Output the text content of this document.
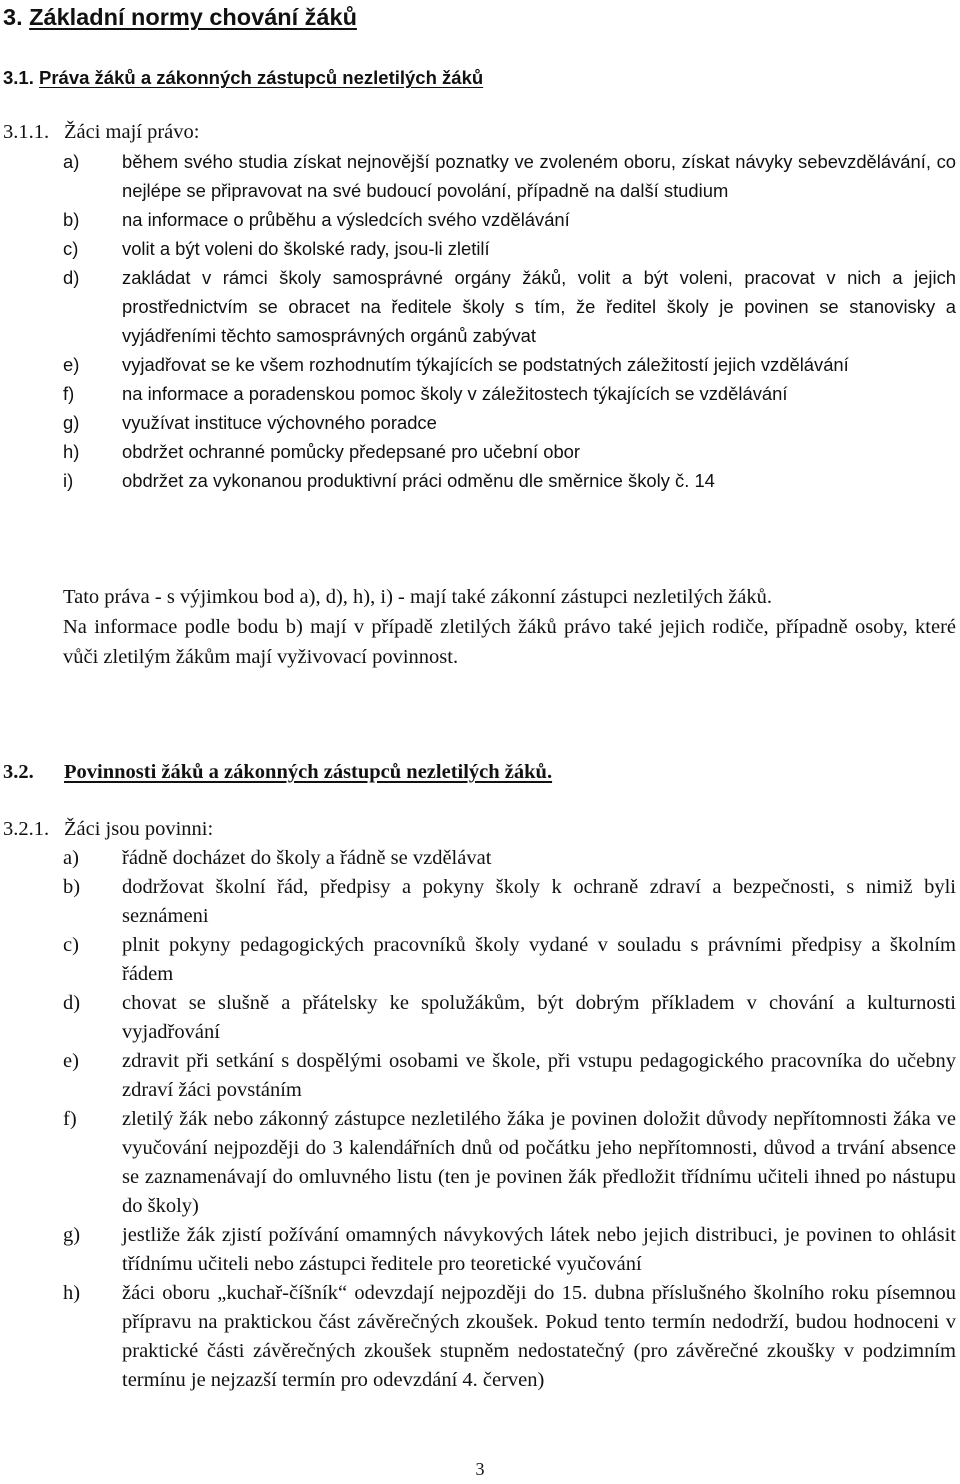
3. Základní normy chování žáků
3.1. Práva žáků a zákonných zástupců nezletilých žáků
3.1.1. Žáci mají právo:
a) během svého studia získat nejnovější poznatky ve zvoleném oboru, získat návyky sebevzdělávání, co nejlépe se připravovat na své budoucí povolání, případně na další studium
b) na informace o průběhu a výsledcích svého vzdělávání
c) volit a být voleni do školské rady, jsou-li zletilí
d) zakládat v rámci školy samosprávné orgány žáků, volit a být voleni, pracovat v nich a jejich prostřednictvím se obracet na ředitele školy s tím, že ředitel školy je povinen se stanovisky a vyjádřeními těchto samosprávných orgánů zabývat
e) vyjadřovat se ke všem rozhodnutím týkajících se podstatných záležitostí jejich vzdělávání
f)	na informace a poradenskou pomoc školy v záležitostech týkajících se vzdělávání
g) využívat instituce výchovného poradce
h) obdržet ochranné pomůcky předepsané pro učební obor
i)	obdržet za vykonanou produktivní práci odměnu dle směrnice školy č. 14

Tato práva - s výjimkou bod a), d), h), i) - mají také zákonní zástupci nezletilých žáků.

Na informace podle bodu b) mají v případě zletilých žáků právo také jejich rodiče, případně osoby, které vůči zletilým žákům mají vyživovací povinnost.

3.2. Povinnosti žáků a zákonných zástupců nezletilých žáků.
3.2.1. Žáci jsou povinni:
a) řádně docházet do školy a řádně se vzdělávat
b) dodržovat školní řád, předpisy a pokyny školy k ochraně zdraví a bezpečnosti, s nimiž byli seznámeni
c) plnit pokyny pedagogických pracovníků školy vydané v souladu s právními předpisy a školním řádem
d) chovat se slušně a přátelsky ke spolužákům, být dobrým příkladem v chování a kulturnosti vyjadřování
e) zdravit při setkání s dospělými osobami ve škole, při vstupu pedagogického pracovníka do učebny zdraví žáci povstáním
f) zletilý žák nebo zákonný zástupce nezletilého žáka je povinen doložit důvody nepřítomnosti žáka ve vyučování nejpozději do 3 kalendářních dnů od počátku jeho nepřítomnosti, důvod a trvání absence se zaznamenávají do omluvného listu (ten je povinen žák předložit třídnímu učiteli ihned po nástupu do školy)
g) jestliže žák zjistí požívání omamných návykových látek nebo jejich distribuci, je povinen to ohlásit třídnímu učiteli nebo zástupci ředitele pro teoretické vyučování
h) žáci oboru „kuchař-číšník“ odevzdají nejpozději do 15. dubna příslušného školního roku písemnou přípravu na praktickou část závěrečných zkoušek. Pokud tento termín nedodrží, budou hodnoceni v praktické části závěrečných zkoušek stupněm nedostatečný (pro závěrečné zkoušky v podzimním termínu je nejzazší termín pro odevzdání 4. červen)
3
